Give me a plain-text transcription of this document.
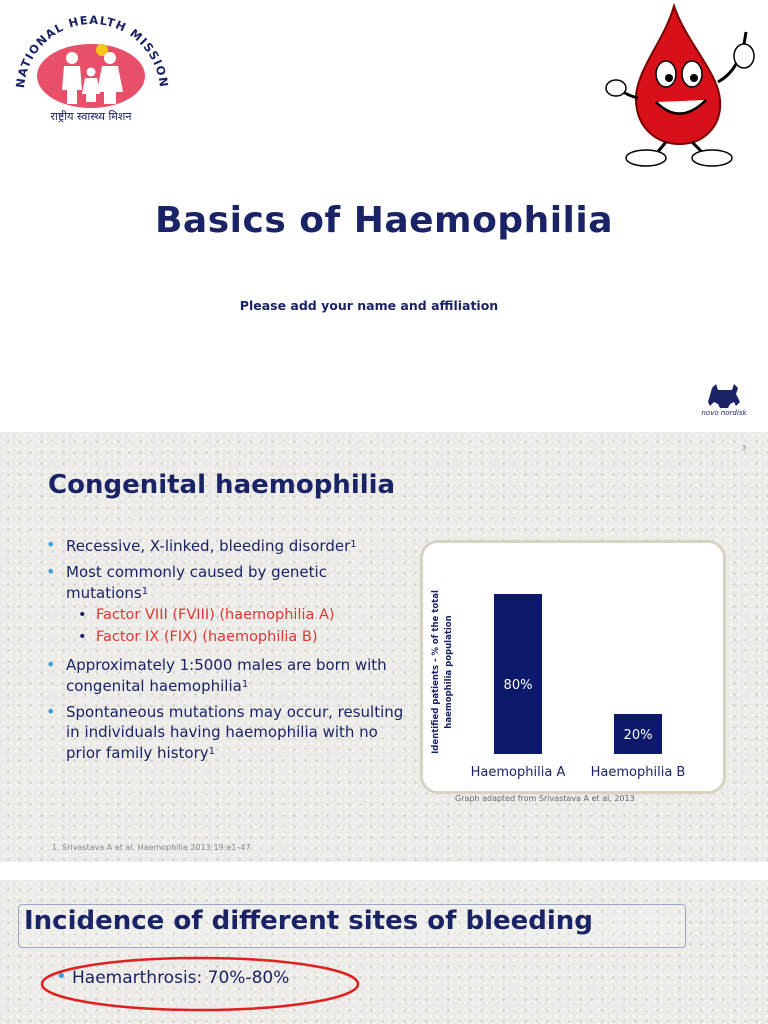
NATIONAL HEALTH MISSION
राष्ट्रीय स्वास्थ्य मिशन
Basics of Haemophilia
Please add your name and affiliation
novo nordisk
3
Congenital haemophilia
• Recessive, X-linked, bleeding disorder$^1$
• Most commonly caused by genetic mutations$^1$
• Factor VIII (FVIII) (haemophilia A)
• Factor IX (FIX) (haemophilia B)
• Approximately 1:5000 males are born with congenital haemophilia$^1$
• Spontaneous mutations may occur, resulting in individuals having haemophilia with no prior family history$^1$	Identified patients - % of the total haemophilia population	80%
Haemophilia A
20%
Haemophilia B
Graph adapted from Srivastava A et al, 2013
1. Srivastava A et al. Haemophilia 2013;19:e1–47
Incidence of different sites of bleeding
• Haemarthrosis: 70%-80%
